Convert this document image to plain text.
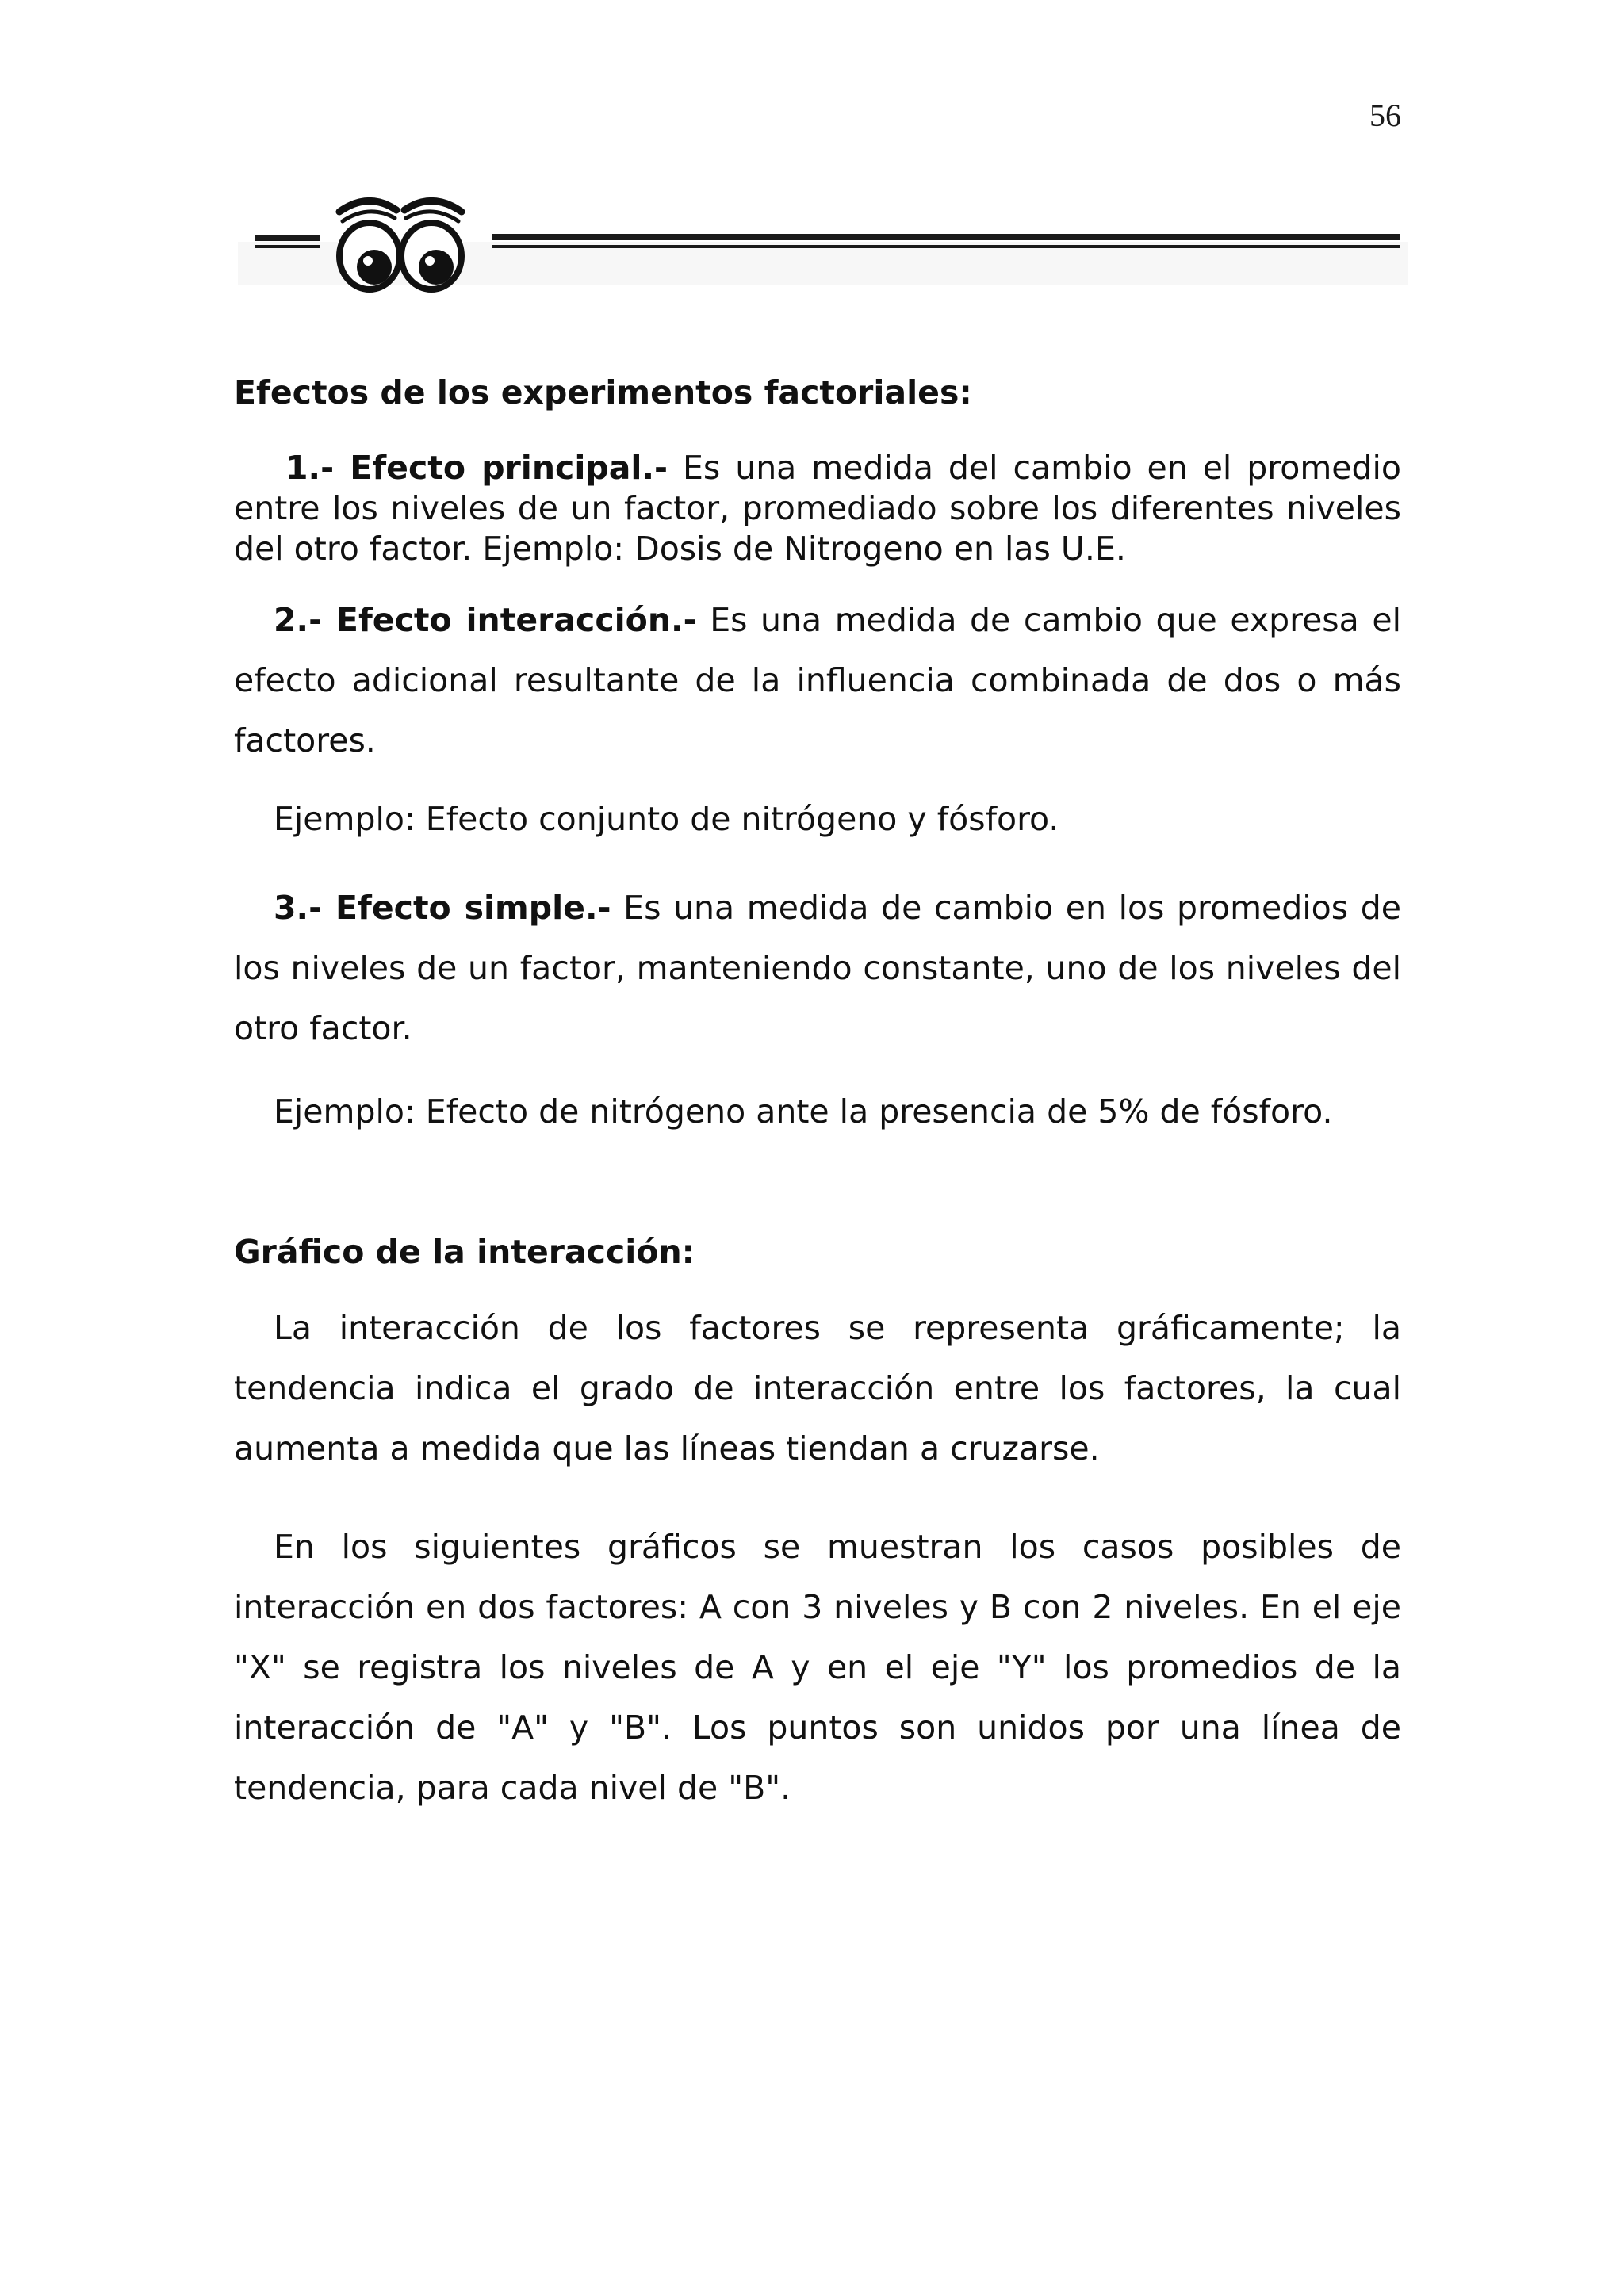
56

Efectos de los experimentos factoriales:

1.- Efecto principal.- Es una medida del cambio en el promedio entre los niveles de un factor, promediado sobre los diferentes niveles del otro factor. Ejemplo: Dosis de Nitrogeno en las U.E.

2.- Efecto interacción.- Es una medida de cambio que expresa el efecto adicional resultante de la influencia combinada de dos o más factores.

Ejemplo: Efecto conjunto de nitrógeno y fósforo.

3.- Efecto simple.- Es una medida de cambio en los promedios de los niveles de un factor, manteniendo constante, uno de los niveles del otro factor.

Ejemplo: Efecto de nitrógeno ante la presencia de 5% de fósforo.

Gráfico de la interacción:

La interacción de los factores se representa gráficamente; la tendencia indica el grado de interacción entre los factores, la cual aumenta a medida que las líneas tiendan a cruzarse.

En los siguientes gráficos se muestran los casos posibles de interacción en dos factores: A con 3 niveles y B con 2 niveles. En el eje "X" se registra los niveles de A y en el eje "Y" los promedios de la interacción de "A" y "B". Los puntos son unidos por una línea de tendencia, para cada nivel de "B".
